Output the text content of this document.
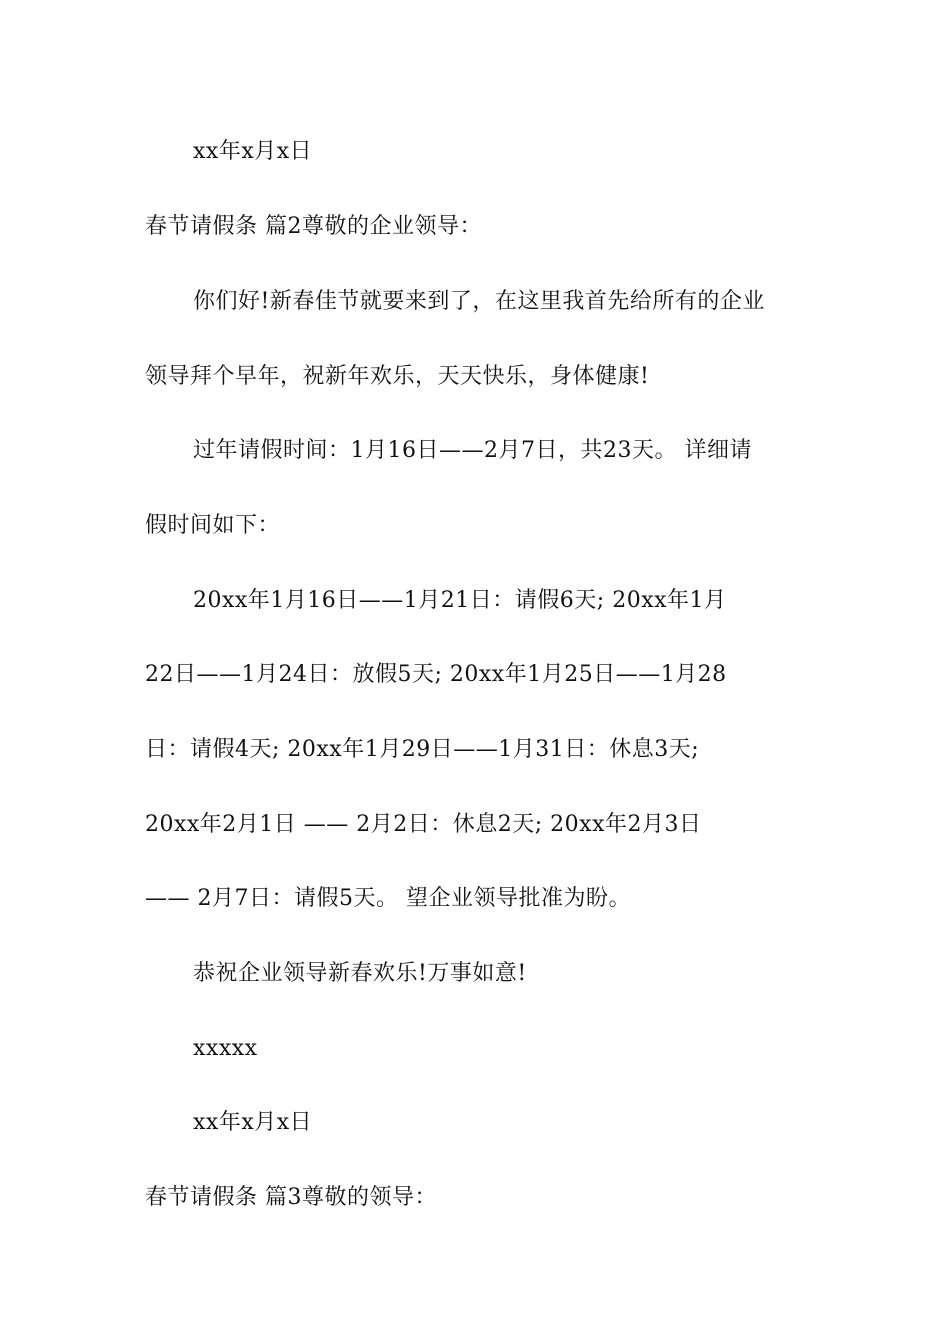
xx年x月x日
春节请假条 篇2尊敬的企业领导：
你们好!新春佳节就要来到了，在这里我首先给所有的企业
领导拜个早年，祝新年欢乐，天天快乐，身体健康!
过年请假时间：1月16日——2月7日，共23天。 详细请
假时间如下：
20xx年1月16日——1月21日：请假6天; 20xx年1月
22日——1月24日：放假5天; 20xx年1月25日——1月28
日：请假4天; 20xx年1月29日——1月31日：休息3天;
20xx年2月1日 —— 2月2日：休息2天; 20xx年2月3日
—— 2月7日：请假5天。 望企业领导批准为盼。
恭祝企业领导新春欢乐!万事如意!
xxxxx
xx年x月x日
春节请假条 篇3尊敬的领导：
